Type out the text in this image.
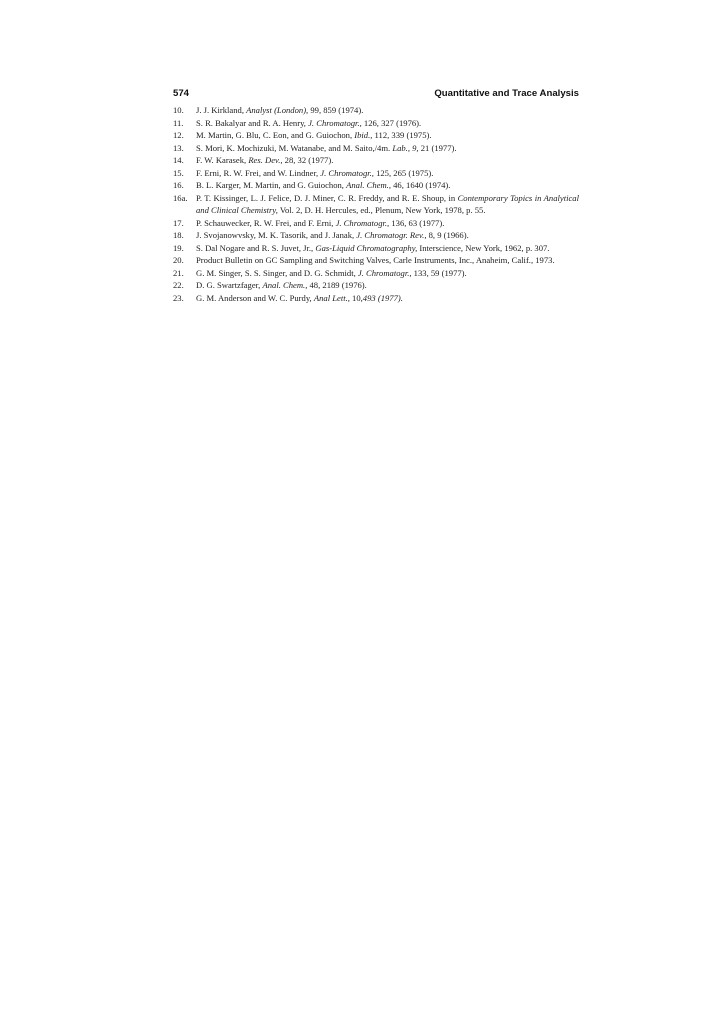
574	Quantitative and Trace Analysis
10. J. J. Kirkland, Analyst (London), 99, 859 (1974).
11. S. R. Bakalyar and R. A. Henry, J. Chromatogr., 126, 327 (1976).
12. M. Martin, G. Blu, C. Eon, and G. Guiochon, Ibid., 112, 339 (1975).
13. S. Mori, K. Mochizuki, M. Watanabe, and M. Saito,/4m. Lab., 9, 21 (1977).
14. F. W. Karasek, Res. Dev., 28, 32 (1977).
15. F. Erni, R. W. Frei, and W. Lindner, J. Chromatogr., 125, 265 (1975).
16. B. L. Karger, M. Martin, and G. Guiochon, Anal. Chem., 46, 1640 (1974).
16a. P. T. Kissinger, L. J. Felice, D. J. Miner, C. R. Freddy, and R. E. Shoup, in Contemporary Topics in Analytical and Clinical Chemistry, Vol. 2, D. H. Hercules, ed., Plenum, New York, 1978, p. 55.
17. P. Schauwecker, R. W. Frei, and F. Erni, J. Chromatogr., 136, 63 (1977).
18. J. Svojanowvsky, M. K. Tasorik, and J. Janak, J. Chromatogr. Rev., 8, 9 (1966).
19. S. Dal Nogare and R. S. Juvet, Jr., Gas-Liquid Chromatography, Interscience, New York, 1962, p. 307.
20. Product Bulletin on GC Sampling and Switching Valves, Carle Instruments, Inc., Anaheim, Calif., 1973.
21. G. M. Singer, S. S. Singer, and D. G. Schmidt, J. Chromatogr., 133, 59 (1977).
22. D. G. Swartzfager, Anal. Chem., 48, 2189 (1976).
23. G. M. Anderson and W. C. Purdy, Anal Lett., 10,493 (1977).
